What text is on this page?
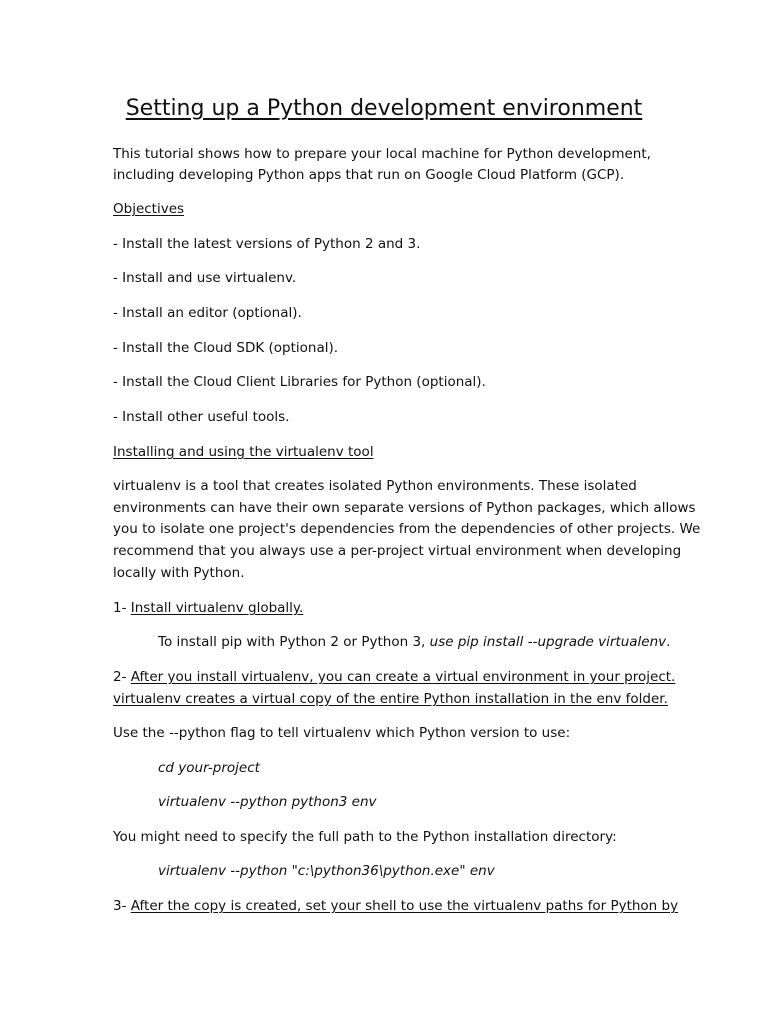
Setting up a Python development environment
This tutorial shows how to prepare your local machine for Python development,
including developing Python apps that run on Google Cloud Platform (GCP).
Objectives
- Install the latest versions of Python 2 and 3.
- Install and use virtualenv.
- Install an editor (optional).
- Install the Cloud SDK (optional).
- Install the Cloud Client Libraries for Python (optional).
- Install other useful tools.
Installing and using the virtualenv tool
virtualenv is a tool that creates isolated Python environments. These isolated
environments can have their own separate versions of Python packages, which allows
you to isolate one project's dependencies from the dependencies of other projects. We
recommend that you always use a per-project virtual environment when developing
locally with Python.
1- Install virtualenv globally.
To install pip with Python 2 or Python 3, use pip install --upgrade virtualenv.
2- After you install virtualenv, you can create a virtual environment in your project.
virtualenv creates a virtual copy of the entire Python installation in the env folder.
Use the --python flag to tell virtualenv which Python version to use:
cd your-project
virtualenv --python python3 env
You might need to specify the full path to the Python installation directory:
virtualenv --python "c:\python36\python.exe" env
3- After the copy is created, set your shell to use the virtualenv paths for Python by
